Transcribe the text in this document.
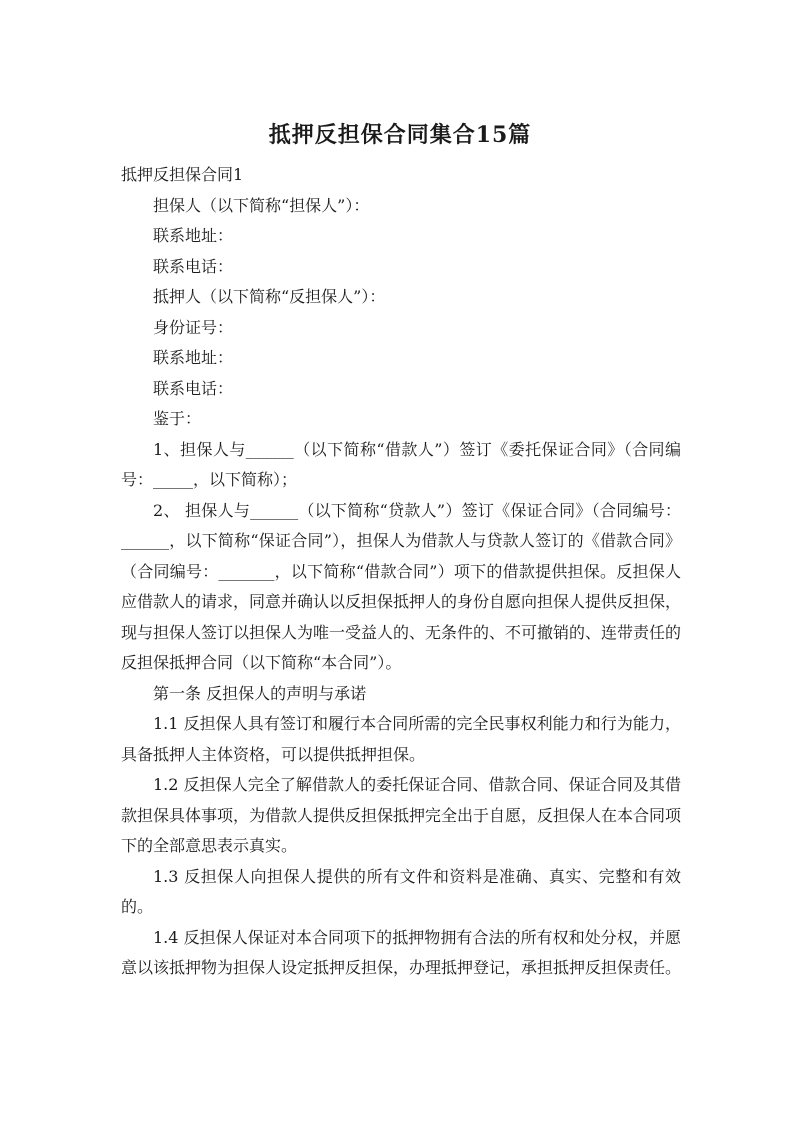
抵押反担保合同集合15篇

抵押反担保合同1

担保人（以下简称“担保人”）：

联系地址：

联系电话：

抵押人（以下简称“反担保人”）：

身份证号：

联系地址：

联系电话：

鉴于：

1、担保人与______（以下简称“借款人”）签订《委托保证合同》（合同编号：_____，以下简称）；

2、 担保人与______（以下简称“贷款人”）签订《保证合同》（合同编号：______，以下简称“保证合同”），担保人为借款人与贷款人签订的《借款合同》（合同编号：_______，以下简称“借款合同”）项下的借款提供担保。反担保人应借款人的请求，同意并确认以反担保抵押人的身份自愿向担保人提供反担保，现与担保人签订以担保人为唯一受益人的、无条件的、不可撤销的、连带责任的反担保抵押合同（以下简称“本合同”）。

第一条 反担保人的声明与承诺

1.1 反担保人具有签订和履行本合同所需的完全民事权利能力和行为能力，具备抵押人主体资格，可以提供抵押担保。

1.2 反担保人完全了解借款人的委托保证合同、借款合同、保证合同及其借款担保具体事项，为借款人提供反担保抵押完全出于自愿，反担保人在本合同项下的全部意思表示真实。

1.3 反担保人向担保人提供的所有文件和资料是准确、真实、完整和有效的。

1.4 反担保人保证对本合同项下的抵押物拥有合法的所有权和处分权，并愿意以该抵押物为担保人设定抵押反担保，办理抵押登记，承担抵押反担保责任。
